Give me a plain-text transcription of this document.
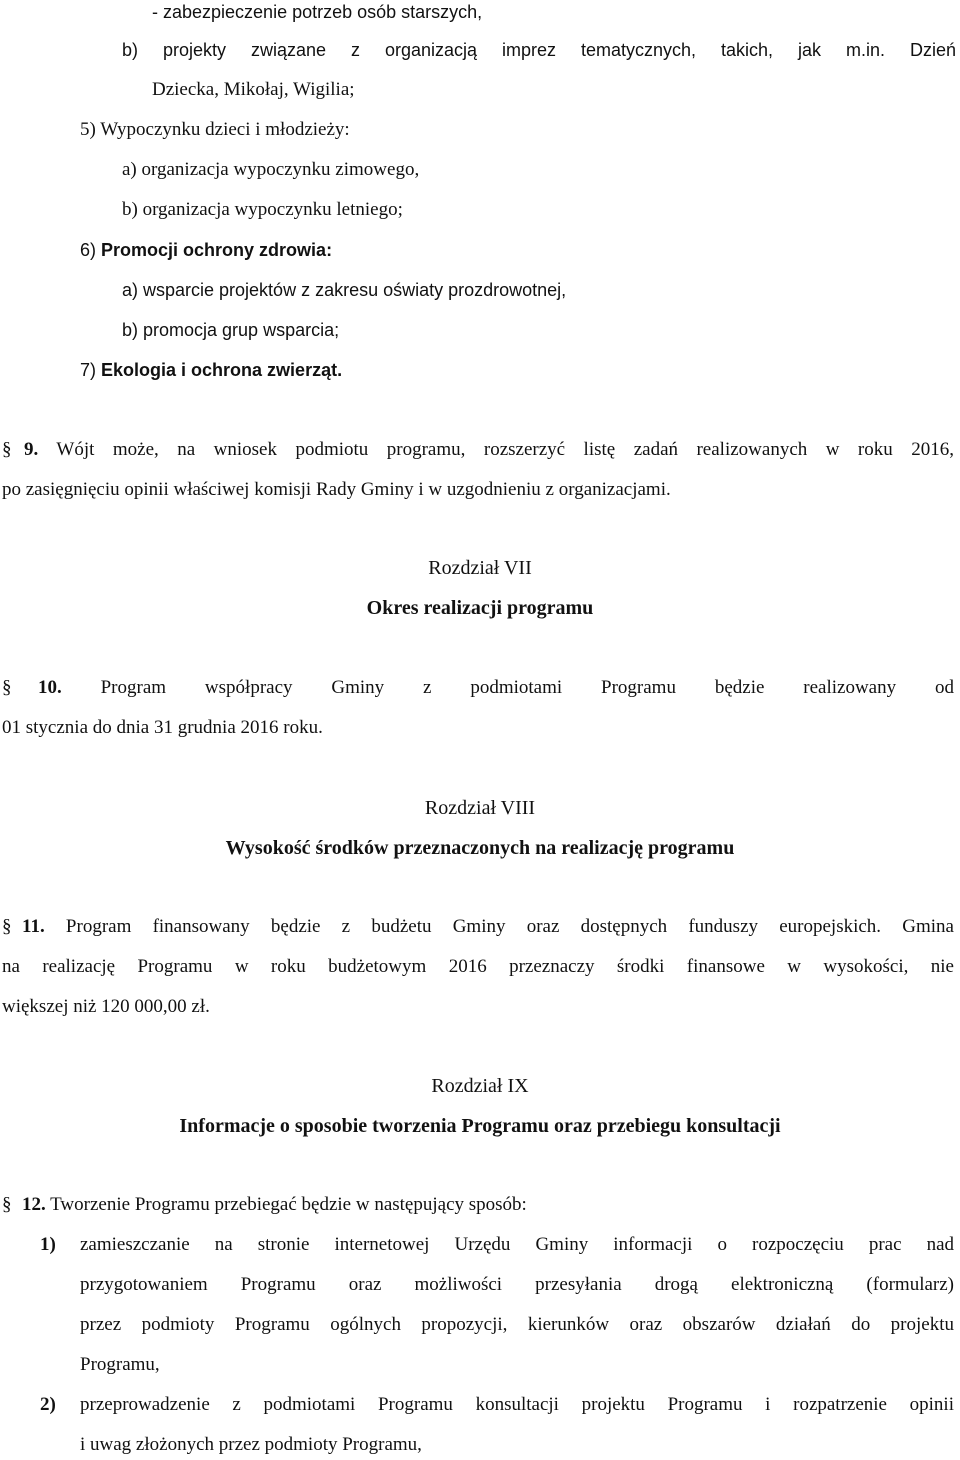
- zabezpieczenie potrzeb osób starszych,
b) projekty związane z organizacją imprez tematycznych, takich, jak m.in. Dzień
Dziecka, Mikołaj, Wigilia;
5) Wypoczynku dzieci i młodzieży:
a) organizacja wypoczynku zimowego,
b) organizacja wypoczynku letniego;
6) Promocji ochrony zdrowia:
a) wsparcie projektów z zakresu oświaty prozdrowotnej,
b) promocja grup wsparcia;
7) Ekologia i ochrona zwierząt.
§ 9. Wójt może, na wniosek podmiotu programu, rozszerzyć listę zadań realizowanych w roku 2016,
po zasięgnięciu opinii właściwej komisji Rady Gminy i w uzgodnieniu z organizacjami.
Rozdział VII
Okres realizacji programu
§ 10. Program współpracy Gminy z podmiotami Programu będzie realizowany od
01 stycznia do dnia 31 grudnia 2016 roku.
Rozdział VIII
Wysokość środków przeznaczonych na realizację programu
§ 11. Program finansowany będzie z budżetu Gminy oraz dostępnych funduszy europejskich. Gmina
na realizację Programu w roku budżetowym 2016 przeznaczy środki finansowe w wysokości, nie
większej niż 120 000,00 zł.
Rozdział IX
Informacje o sposobie tworzenia Programu oraz przebiegu konsultacji
§ 12. Tworzenie Programu przebiegać będzie w następujący sposób:
1) zamieszczanie na stronie internetowej Urzędu Gminy informacji o rozpoczęciu prac nad
przygotowaniem Programu oraz możliwości przesyłania drogą elektroniczną (formularz)
przez podmioty Programu ogólnych propozycji, kierunków oraz obszarów działań do projektu
Programu,
2) przeprowadzenie z podmiotami Programu konsultacji projektu Programu i rozpatrzenie opinii
i uwag złożonych przez podmioty Programu,
